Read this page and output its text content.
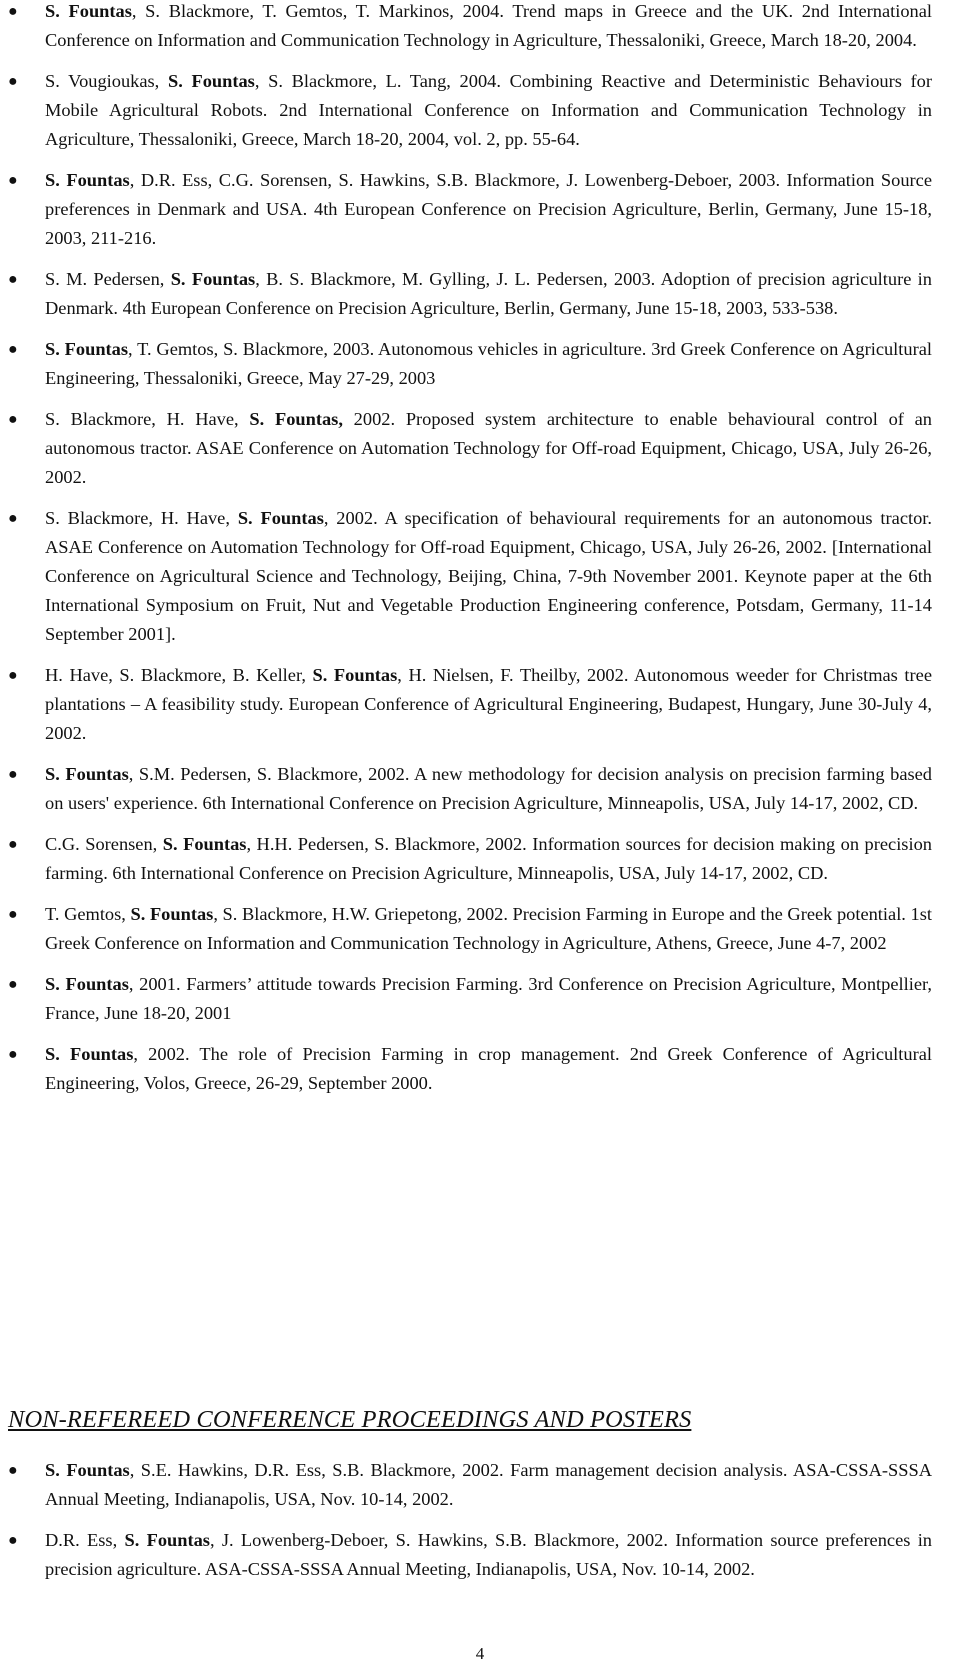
● S. Fountas, S. Blackmore, T. Gemtos, T. Markinos, 2004. Trend maps in Greece and the UK. 2nd International Conference on Information and Communication Technology in Agriculture, Thessaloniki, Greece, March 18-20, 2004.
● S. Vougioukas, S. Fountas, S. Blackmore, L. Tang, 2004. Combining Reactive and Deterministic Behaviours for Mobile Agricultural Robots. 2nd International Conference on Information and Communication Technology in Agriculture, Thessaloniki, Greece, March 18-20, 2004, vol. 2, pp. 55-64.
● S. Fountas, D.R. Ess, C.G. Sorensen, S. Hawkins, S.B. Blackmore, J. Lowenberg-Deboer, 2003. Information Source preferences in Denmark and USA. 4th European Conference on Precision Agriculture, Berlin, Germany, June 15-18, 2003, 211-216.
● S. M. Pedersen, S. Fountas, B. S. Blackmore, M. Gylling, J. L. Pedersen, 2003. Adoption of precision agriculture in Denmark. 4th European Conference on Precision Agriculture, Berlin, Germany, June 15-18, 2003, 533-538.
● S. Fountas, T. Gemtos, S. Blackmore, 2003. Autonomous vehicles in agriculture. 3rd Greek Conference on Agricultural Engineering, Thessaloniki, Greece, May 27-29, 2003
● S. Blackmore, H. Have, S. Fountas, 2002. Proposed system architecture to enable behavioural control of an autonomous tractor. ASAE Conference on Automation Technology for Off-road Equipment, Chicago, USA, July 26-26, 2002.
● S. Blackmore, H. Have, S. Fountas, 2002. A specification of behavioural requirements for an autonomous tractor. ASAE Conference on Automation Technology for Off-road Equipment, Chicago, USA, July 26-26, 2002. [International Conference on Agricultural Science and Technology, Beijing, China, 7-9th November 2001. Keynote paper at the 6th International Symposium on Fruit, Nut and Vegetable Production Engineering conference, Potsdam, Germany, 11-14 September 2001].
● H. Have, S. Blackmore, B. Keller, S. Fountas, H. Nielsen, F. Theilby, 2002. Autonomous weeder for Christmas tree plantations – A feasibility study. European Conference of Agricultural Engineering, Budapest, Hungary, June 30-July 4, 2002.
● S. Fountas, S.M. Pedersen, S. Blackmore, 2002. A new methodology for decision analysis on precision farming based on users' experience. 6th International Conference on Precision Agriculture, Minneapolis, USA, July 14-17, 2002, CD.
● C.G. Sorensen, S. Fountas, H.H. Pedersen, S. Blackmore, 2002. Information sources for decision making on precision farming. 6th International Conference on Precision Agriculture, Minneapolis, USA, July 14-17, 2002, CD.
● T. Gemtos, S. Fountas, S. Blackmore, H.W. Griepetong, 2002. Precision Farming in Europe and the Greek potential. 1st Greek Conference on Information and Communication Technology in Agriculture, Athens, Greece, June 4-7, 2002
● S. Fountas, 2001. Farmers’ attitude towards Precision Farming. 3rd Conference on Precision Agriculture, Montpellier, France, June 18-20, 2001
● S. Fountas, 2002. The role of Precision Farming in crop management. 2nd Greek Conference of Agricultural Engineering, Volos, Greece, 26-29, September 2000.
NON-REFEREED CONFERENCE PROCEEDINGS AND POSTERS
● S. Fountas, S.E. Hawkins, D.R. Ess, S.B. Blackmore, 2002. Farm management decision analysis. ASA-CSSA-SSSA Annual Meeting, Indianapolis, USA, Nov. 10-14, 2002.
● D.R. Ess, S. Fountas, J. Lowenberg-Deboer, S. Hawkins, S.B. Blackmore, 2002. Information source preferences in precision agriculture. ASA-CSSA-SSSA Annual Meeting, Indianapolis, USA, Nov. 10-14, 2002.
4
